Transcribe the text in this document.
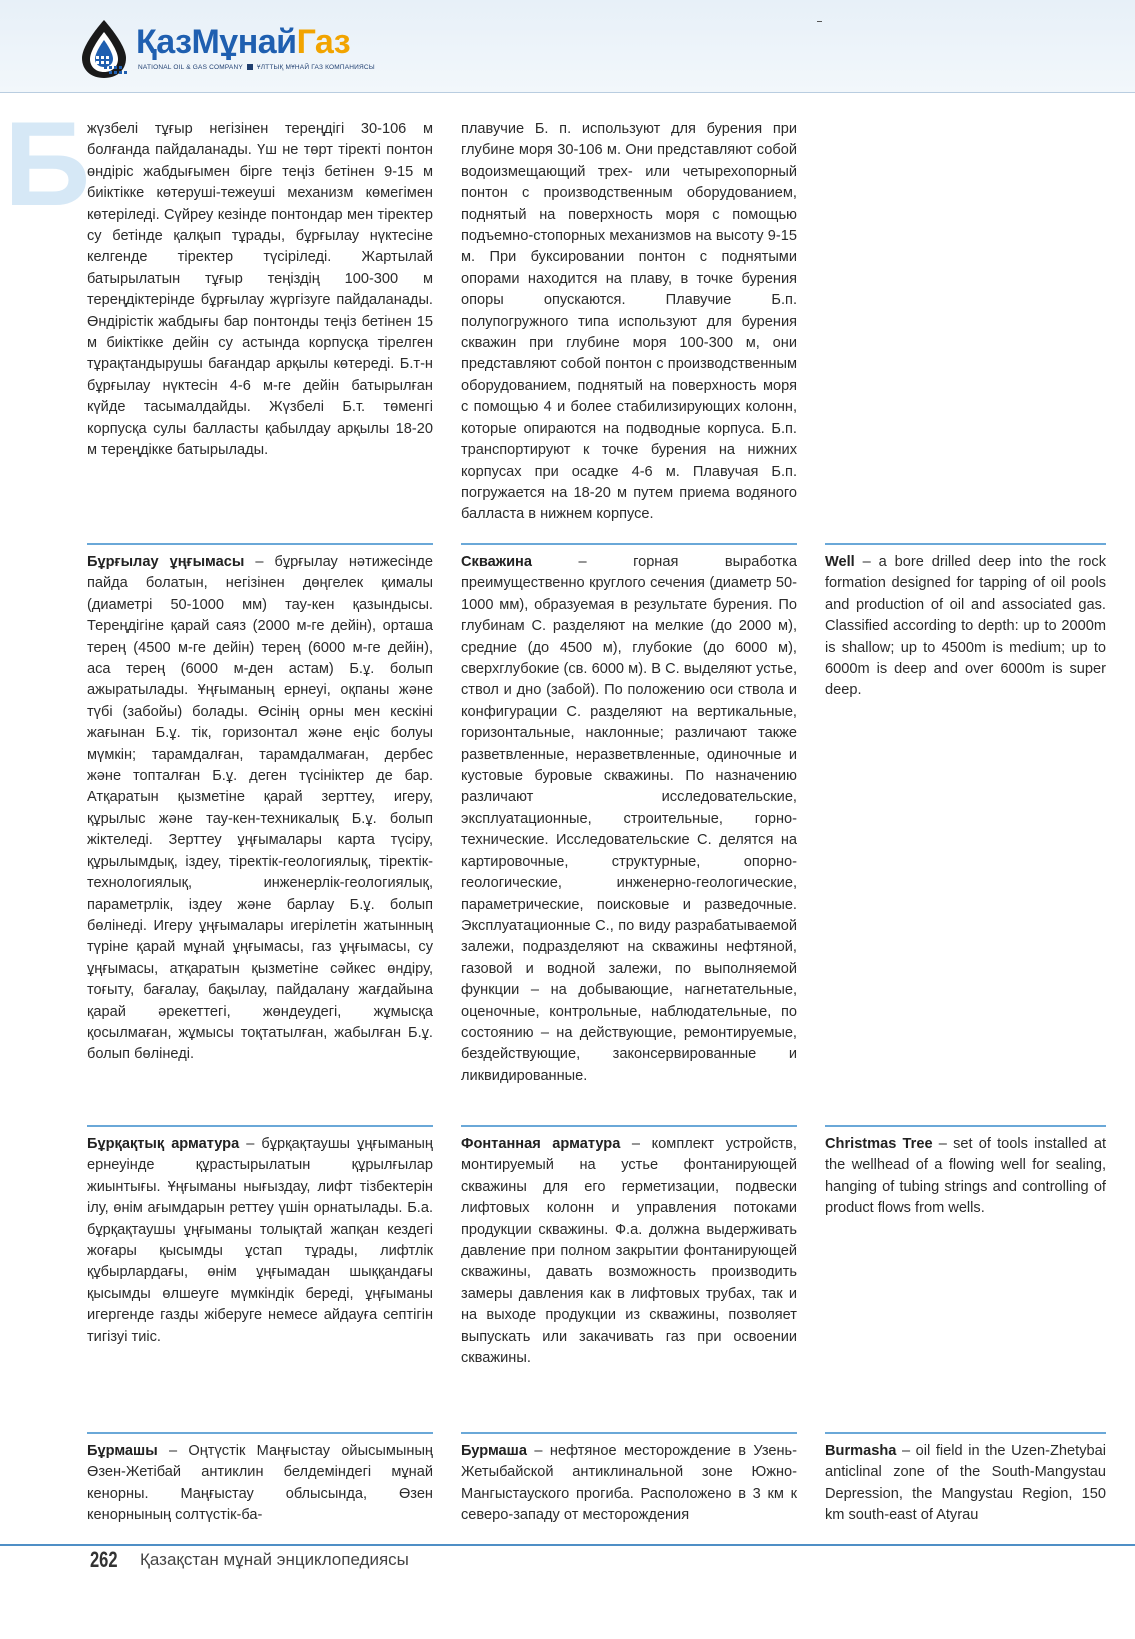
ҚазМұнайГаз
NATIONAL OIL & GAS COMPANY ҰЛТТЫҚ МҰНАЙ ГАЗ КОМПАНИЯСЫ
Б

жүзбелі тұғыр негізінен тереңдігі 30-106 м болғанда пайдаланады. Үш не төрт тіректі понтон өндіріс жабдығымен бірге теңіз бетінен 9-15 м биіктікке көтеруші-тежеуші механизм көмегімен көтеріледі. Сүйреу кезінде понтондар мен тіректер су бетінде қалқып тұрады, бұрғылау нүктесіне келгенде тіректер түсіріледі. Жартылай батырылатын тұғыр теңіздің 100-300 м тереңдіктерінде бұрғылау жүргізуге пайдаланады. Өндірістік жабдығы бар понтонды теңіз бетінен 15 м биіктікке дейін су астында корпусқа тірелген тұрақтандырушы бағандар арқылы көтереді. Б.т-н бұрғылау нүктесін 4-6 м-ге дейін батырылған күйде тасымалдайды. Жүзбелі Б.т. төменгі корпусқа сулы балласты қабылдау арқылы 18-20 м тереңдікке батырылады.

плавучие Б. п. используют для бурения при глубине моря 30-106 м. Они представляют собой водоизмещающий трех- или четырехопорный понтон с производственным оборудованием, поднятый на поверхность моря с помощью подъемно-стопорных механизмов на высоту 9-15 м. При буксировании понтон с поднятыми опорами находится на плаву, в точке бурения опоры опускаются. Плавучие Б.п. полупогружного типа используют для бурения скважин при глубине моря 100-300 м, они представляют собой понтон с производственным оборудованием, поднятый на поверхность моря с помощью 4 и более стабилизирующих колонн, которые опираются на подводные корпуса. Б.п. транспортируют к точке бурения на нижних корпусах при осадке 4-6 м. Плавучая Б.п. погружается на 18-20 м путем приема водяного балласта в нижнем корпусе.

Бұрғылау ұңғымасы – бұрғылау нәтижесінде пайда болатын, негізінен дөңгелек қималы (диаметрі 50-1000 мм) тау-кен қазындысы. Тереңдігіне қарай саяз (2000 м-ге дейін), орташа терең (4500 м-ге дейін) терең (6000 м-ге дейін), аса терең (6000 м-ден астам) Б.ұ. болып ажыратылады. Ұңғыманың ернеуі, оқпаны және түбі (забойы) болады. Өсінің орны мен кескіні жағынан Б.ұ. тік, горизонтал және еңіс болуы мүмкін; тарамдалған, тарамдалмаған, дербес және топталған Б.ұ. деген түсініктер де бар. Атқаратын қызметіне қарай зерттеу, игеру, құрылыс және тау-кен-техникалық Б.ұ. болып жіктеледі. Зерттеу ұңғымалары карта түсіру, құрылымдық, іздеу, тіректік-геологиялық, тіректік-технологиялық, инженерлік-геологиялық, параметрлік, іздеу және барлау Б.ұ. болып бөлінеді. Игеру ұңғымалары игерілетін жатынның түріне қарай мұнай ұңғымасы, газ ұңғымасы, су ұңғымасы, атқаратын қызметіне сәйкес өндіру, тоғыту, бағалау, бақылау, пайдалану жағдайына қарай әрекеттегі, жөндеудегі, жұмысқа қосылмаған, жұмысы тоқтатылған, жабылған Б.ұ. болып бөлінеді.

Скважина – горная выработка преимущественно круглого сечения (диаметр 50-1000 мм), образуемая в результате бурения. По глубинам С. разделяют на мелкие (до 2000 м), средние (до 4500 м), глубокие (до 6000 м), сверхглубокие (св. 6000 м). В С. выделяют устье, ствол и дно (забой). По положению оси ствола и конфигурации С. разделяют на вертикальные, горизонтальные, наклонные; различают также разветвленные, неразветвленные, одиночные и кустовые буровые скважины. По назначению различают исследовательские, эксплуатационные, строительные, горно-технические. Исследовательские С. делятся на картировочные, структурные, опорно-геологические, инженерно-геологические, параметрические, поисковые и разведочные. Эксплуатационные С., по виду разрабатываемой залежи, подразделяют на скважины нефтяной, газовой и водной залежи, по выполняемой функции – на добывающие, нагнетательные, оценочные, контрольные, наблюдательные, по состоянию – на действующие, ремонтируемые, бездействующие, законсервированные и ликвидированные.

Well – a bore drilled deep into the rock formation designed for tapping of oil pools and production of oil and associated gas. Classified according to depth: up to 2000m is shallow; up to 4500m is medium; up to 6000m is deep and over 6000m is super deep.

Бұрқақтық арматура – бұрқақтаушы ұңғыманың ернеуінде құрастырылатын құрылғылар жиынтығы. Ұңғыманы нығыздау, лифт тізбектерін ілу, өнім ағымдарын реттеу үшін орнатылады. Б.а. бұрқақтаушы ұңғыманы толықтай жапқан кездегі жоғары қысымды ұстап тұрады, лифтлік құбырлардағы, өнім ұңғымадан шыққандағы қысымды өлшеуге мүмкіндік береді, ұңғыманы игергенде газды жіберуге немесе айдауға септігін тигізуі тиіс.

Фонтанная арматура – комплект устройств, монтируемый на устье фонтанирующей скважины для его герметизации, подвески лифтовых колонн и управления потоками продукции скважины. Ф.а. должна выдерживать давление при полном закрытии фонтанирующей скважины, давать возможность производить замеры давления как в лифтовых трубах, так и на выходе продукции из скважины, позволяет выпускать или закачивать газ при освоении скважины.

Christmas Tree – set of tools installed at the wellhead of a flowing well for sealing, hanging of tubing strings and controlling of product flows from wells.

Бұрмашы – Оңтүстік Маңғыстау ойысымының Өзен-Жетібай антиклин белдеміндегі мұнай кенорны. Маңғыстау облысында, Өзен кенорнының солтүстік-ба-

Бурмаша – нефтяное месторождение в Узень-Жетыбайской антиклинальной зоне Южно-Мангыстауского прогиба. Расположено в 3 км к северо-западу от месторождения

Burmasha – oil field in the Uzen-Zhetybai anticlinal zone of the South-Mangystau Depression, the Mangystau Region, 150 km south-east of Atyrau

262 Қазақстан мұнай энциклопедиясы
